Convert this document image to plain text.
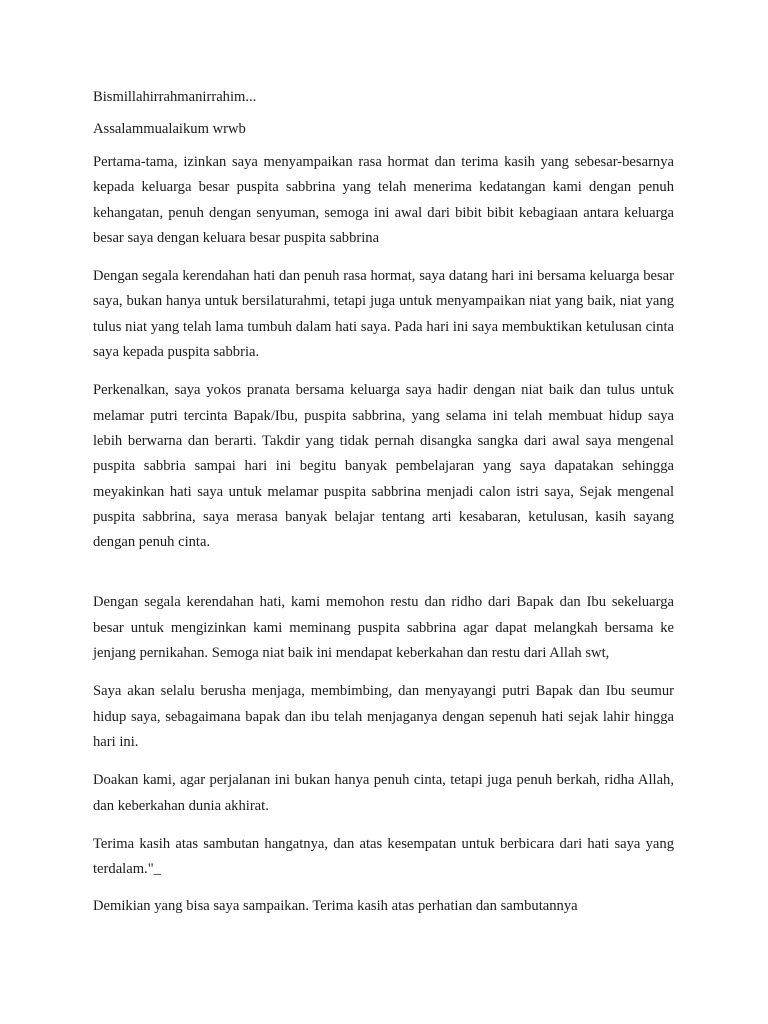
Bismillahirrahmanirrahim...

Assalammualaikum wrwb

Pertama-tama, izinkan saya menyampaikan rasa hormat dan terima kasih yang sebesar-besarnya kepada keluarga besar puspita sabbrina yang telah menerima kedatangan kami dengan penuh kehangatan, penuh dengan senyuman, semoga ini awal dari bibit bibit kebagiaan antara keluarga besar saya dengan keluara besar puspita sabbrina

Dengan segala kerendahan hati dan penuh rasa hormat, saya datang hari ini bersama keluarga besar saya, bukan hanya untuk bersilaturahmi, tetapi juga untuk menyampaikan niat yang baik, niat yang tulus niat yang telah lama tumbuh dalam hati saya. Pada hari ini saya membuktikan ketulusan cinta saya kepada puspita sabbria.

Perkenalkan, saya yokos pranata bersama keluarga saya hadir dengan niat baik dan tulus untuk melamar putri tercinta Bapak/Ibu, puspita sabbrina, yang selama ini telah membuat hidup saya lebih berwarna dan berarti. Takdir yang tidak pernah disangka sangka dari awal saya mengenal puspita sabbria sampai hari ini begitu banyak pembelajaran yang saya dapatakan sehingga meyakinkan hati saya untuk melamar puspita sabbrina menjadi calon istri saya, Sejak mengenal puspita sabbrina, saya merasa banyak belajar tentang arti kesabaran, ketulusan, kasih sayang dengan penuh cinta.

Dengan segala kerendahan hati, kami memohon restu dan ridho dari Bapak dan Ibu sekeluarga besar untuk mengizinkan kami meminang puspita sabbrina agar dapat melangkah bersama ke jenjang pernikahan. Semoga niat baik ini mendapat keberkahan dan restu dari Allah swt,

Saya akan selalu berusha menjaga, membimbing, dan menyayangi putri Bapak dan Ibu seumur hidup saya, sebagaimana bapak dan ibu telah menjaganya dengan sepenuh hati sejak lahir hingga hari ini.

Doakan kami, agar perjalanan ini bukan hanya penuh cinta, tetapi juga penuh berkah, ridha Allah, dan keberkahan dunia akhirat.

Terima kasih atas sambutan hangatnya, dan atas kesempatan untuk berbicara dari hati saya yang terdalam."_

Demikian yang bisa saya sampaikan. Terima kasih atas perhatian dan sambutannya
